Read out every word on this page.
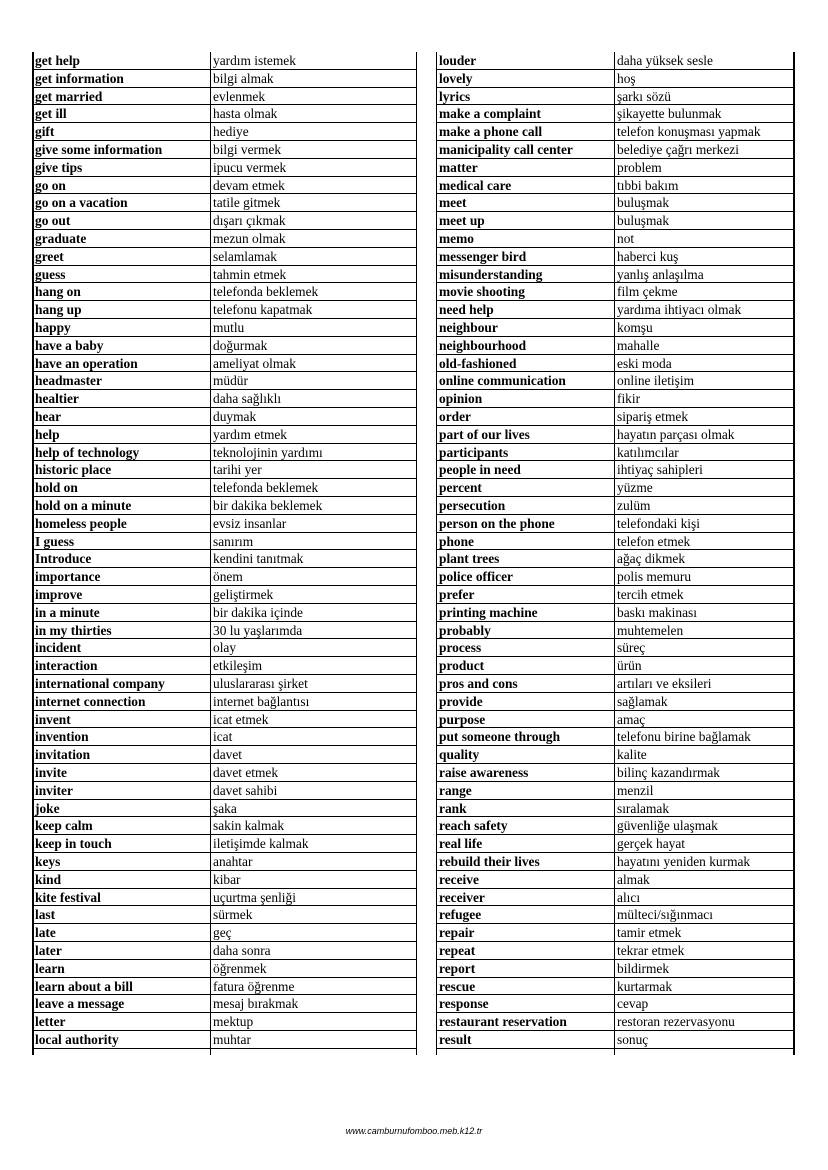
get help	yardım istemek
get information	bilgi almak
get married	evlenmek
get ill	hasta olmak
gift	hediye
give some information	bilgi vermek
give tips	ipucu vermek
go on	devam etmek
go on a vacation	tatile gitmek
go out	dışarı çıkmak
graduate	mezun olmak
greet	selamlamak
guess	tahmin etmek
hang on	telefonda beklemek
hang up	telefonu kapatmak
happy	mutlu
have a baby	doğurmak
have an operation	ameliyat olmak
headmaster	müdür
healtier	daha sağlıklı
hear	duymak
help	yardım etmek
help of technology	teknolojinin yardımı
historic place	tarihi yer
hold on	telefonda beklemek
hold on a minute	bir dakika beklemek
homeless people	evsiz insanlar
I guess	sanırım
Introduce	kendini tanıtmak
importance	önem
improve	geliştirmek
in a minute	bir dakika içinde
in my thirties	30 lu yaşlarımda
incident	olay
interaction	etkileşim
international company	uluslararası şirket
internet connection	internet bağlantısı
invent	icat etmek
invention	icat
invitation	davet
invite	davet etmek
inviter	davet sahibi
joke	şaka
keep calm	sakin kalmak
keep in touch	iletişimde kalmak
keys	anahtar
kind	kibar
kite festival	uçurtma şenliği
last	sürmek
late	geç
later	daha sonra
learn	öğrenmek
learn about a bill	fatura öğrenme
leave a message	mesaj bırakmak
letter	mektup
local authority	muhtar
louder	daha yüksek sesle
lovely	hoş
lyrics	şarkı sözü
make a complaint	şikayette bulunmak
make a phone call	telefon konuşması yapmak
manicipality call center	belediye çağrı merkezi
matter	problem
medical care	tıbbi bakım
meet	buluşmak
meet up	buluşmak
memo	not
messenger bird	haberci kuş
misunderstanding	yanlış anlaşılma
movie shooting	film çekme
need help	yardıma ihtiyacı olmak
neighbour	komşu
neighbourhood	mahalle
old-fashioned	eski moda
online communication	online iletişim
opinion	fikir
order	sipariş etmek
part of our lives	hayatın parçası olmak
participants	katılımcılar
people in need	ihtiyaç sahipleri
percent	yüzme
persecution	zulüm
person on the phone	telefondaki kişi
phone	telefon etmek
plant trees	ağaç dikmek
police officer	polis memuru
prefer	tercih etmek
printing machine	baskı makinası
probably	muhtemelen
process	süreç
product	ürün
pros and cons	artıları ve eksileri
provide	sağlamak
purpose	amaç
put someone through	telefonu birine bağlamak
quality	kalite
raise awareness	bilinç kazandırmak
range	menzil
rank	sıralamak
reach safety	güvenliğe ulaşmak
real life	gerçek hayat
rebuild their lives	hayatını yeniden kurmak
receive	almak
receiver	alıcı
refugee	mülteci/sığınmacı
repair	tamir etmek
repeat	tekrar etmek
report	bildirmek
rescue	kurtarmak
response	cevap
restaurant reservation	restoran rezervasyonu
result	sonuç
www.camburnufomboo.meb.k12.tr
